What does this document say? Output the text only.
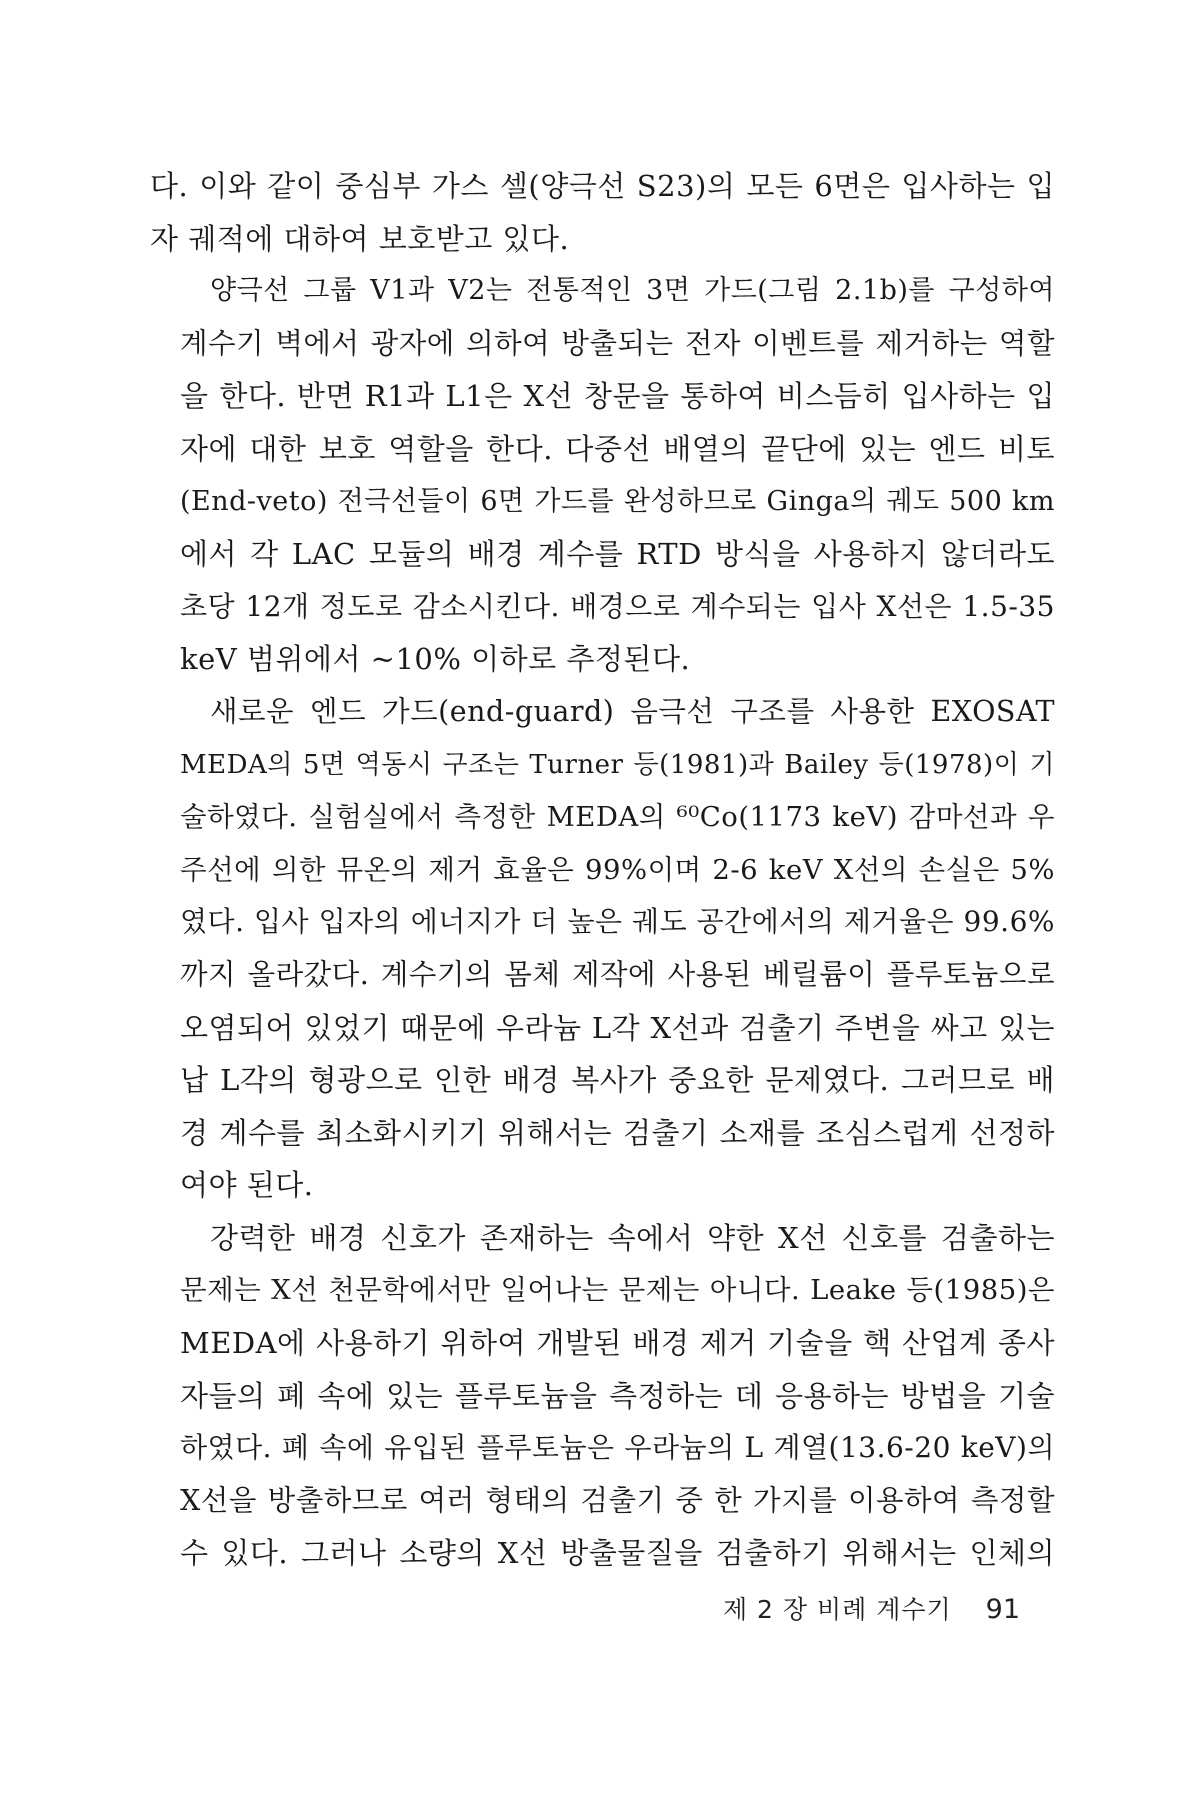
다. 이와 같이 중심부 가스 셀(양극선 S23)의 모든 6면은 입사하는 입
자 궤적에 대하여 보호받고 있다.
양극선 그룹 V1과 V2는 전통적인 3면 가드(그림 2.1b)를 구성하여
계수기 벽에서 광자에 의하여 방출되는 전자 이벤트를 제거하는 역할
을 한다. 반면 R1과 L1은 X선 창문을 통하여 비스듬히 입사하는 입
자에 대한 보호 역할을 한다. 다중선 배열의 끝단에 있는 엔드 비토
(End-veto) 전극선들이 6면 가드를 완성하므로 Ginga의 궤도 500 km
에서 각 LAC 모듈의 배경 계수를 RTD 방식을 사용하지 않더라도
초당 12개 정도로 감소시킨다. 배경으로 계수되는 입사 X선은 1.5-35
keV 범위에서 ~10% 이하로 추정된다.
새로운 엔드 가드(end-guard) 음극선 구조를 사용한 EXOSAT
MEDA의 5면 역동시 구조는 Turner 등(1981)과 Bailey 등(1978)이 기
술하였다. 실험실에서 측정한 MEDA의 ⁶⁰Co(1173 keV) 감마선과 우
주선에 의한 뮤온의 제거 효율은 99%이며 2-6 keV X선의 손실은 5%
였다. 입사 입자의 에너지가 더 높은 궤도 공간에서의 제거율은 99.6%
까지 올라갔다. 계수기의 몸체 제작에 사용된 베릴륨이 플루토늄으로
오염되어 있었기 때문에 우라늄 L각 X선과 검출기 주변을 싸고 있는
납 L각의 형광으로 인한 배경 복사가 중요한 문제였다. 그러므로 배
경 계수를 최소화시키기 위해서는 검출기 소재를 조심스럽게 선정하
여야 된다.
강력한 배경 신호가 존재하는 속에서 약한 X선 신호를 검출하는
문제는 X선 천문학에서만 일어나는 문제는 아니다. Leake 등(1985)은
MEDA에 사용하기 위하여 개발된 배경 제거 기술을 핵 산업계 종사
자들의 폐 속에 있는 플루토늄을 측정하는 데 응용하는 방법을 기술
하였다. 폐 속에 유입된 플루토늄은 우라늄의 L 계열(13.6-20 keV)의
X선을 방출하므로 여러 형태의 검출기 중 한 가지를 이용하여 측정할
수 있다. 그러나 소량의 X선 방출물질을 검출하기 위해서는 인체의
제 2 장 비례 계수기 91
